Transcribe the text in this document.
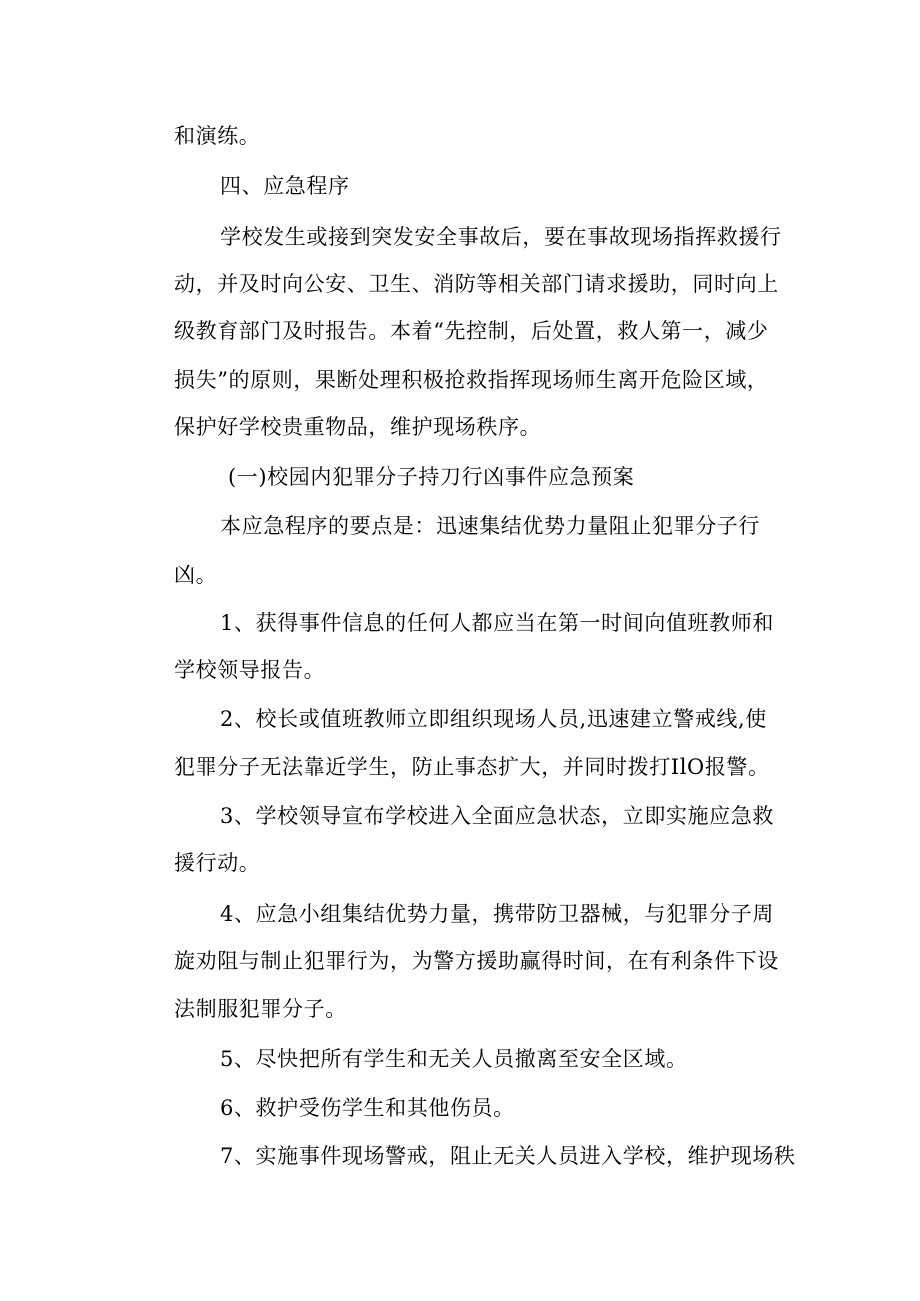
和演练。
四、应急程序
学校发生或接到突发安全事故后，要在事故现场指挥救援行
动，并及时向公安、卫生、消防等相关部门请求援助，同时向上
级教育部门及时报告。本着“先控制，后处置，救人第一，减少
损失”的原则，果断处理积极抢救指挥现场师生离开危险区域，
保护好学校贵重物品，维护现场秩序。
(一)校园内犯罪分子持刀行凶事件应急预案
本应急程序的要点是：迅速集结优势力量阻止犯罪分子行
凶。
1、获得事件信息的任何人都应当在第一时间向值班教师和
学校领导报告。
2、校长或值班教师立即组织现场人员,迅速建立警戒线,使
犯罪分子无法靠近学生，防止事态扩大，并同时拨打IlO报警。
3、学校领导宣布学校进入全面应急状态，立即实施应急救
援行动。
4、应急小组集结优势力量，携带防卫器械，与犯罪分子周
旋劝阻与制止犯罪行为，为警方援助赢得时间，在有利条件下设
法制服犯罪分子。
5、尽快把所有学生和无关人员撤离至安全区域。
6、救护受伤学生和其他伤员。
7、实施事件现场警戒，阻止无关人员进入学校，维护现场秩
